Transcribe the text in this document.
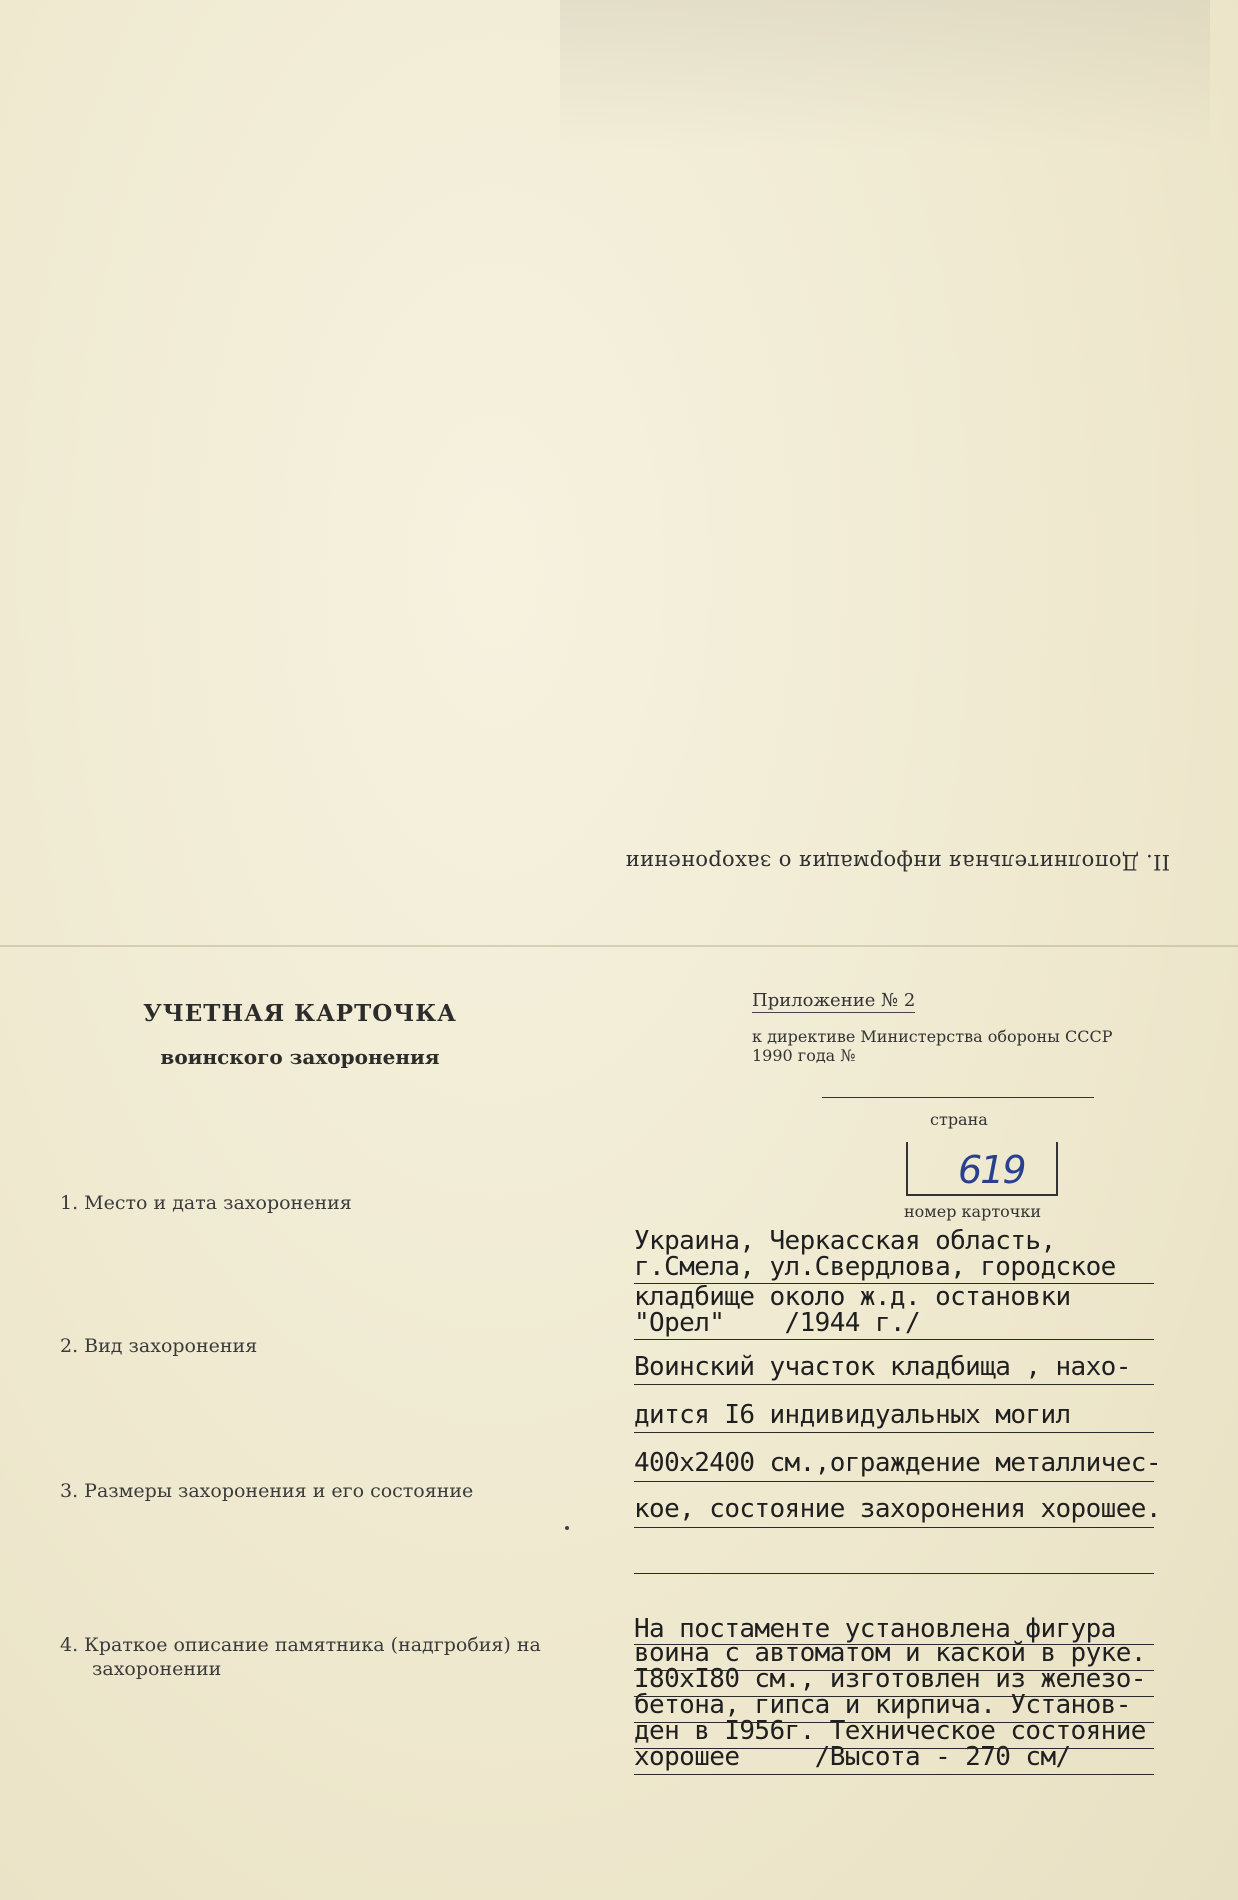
II. Дополнительная информация о захоронении
УЧЕТНАЯ КАРТОЧКА
воинского захоронения
Приложение № 2
к директиве Министерства обороны СССР
1990 года №
страна
619
номер карточки
1. Место и дата захоронения
2. Вид захоронения
3. Размеры захоронения и его состояние
4. Краткое описание памятника (надгробия) на
захоронении
Украина, Черкасская область,
г.Смела, ул.Свердлова, городское
кладбище около ж.д. остановки
"Орел"    /1944 г./
Воинский участок кладбища , нахо-
дится I6 индивидуальных могил
400х2400 см.,ограждение металличес-
кое, состояние захоронения хорошее.
На постаменте установлена фигура
воина с автоматом и каской в руке.
I80хI80 см., изготовлен из железо-
бетона, гипса и кирпича. Установ-
ден в I956г. Техническое состояние
хорошее     /Высота - 270 см/
